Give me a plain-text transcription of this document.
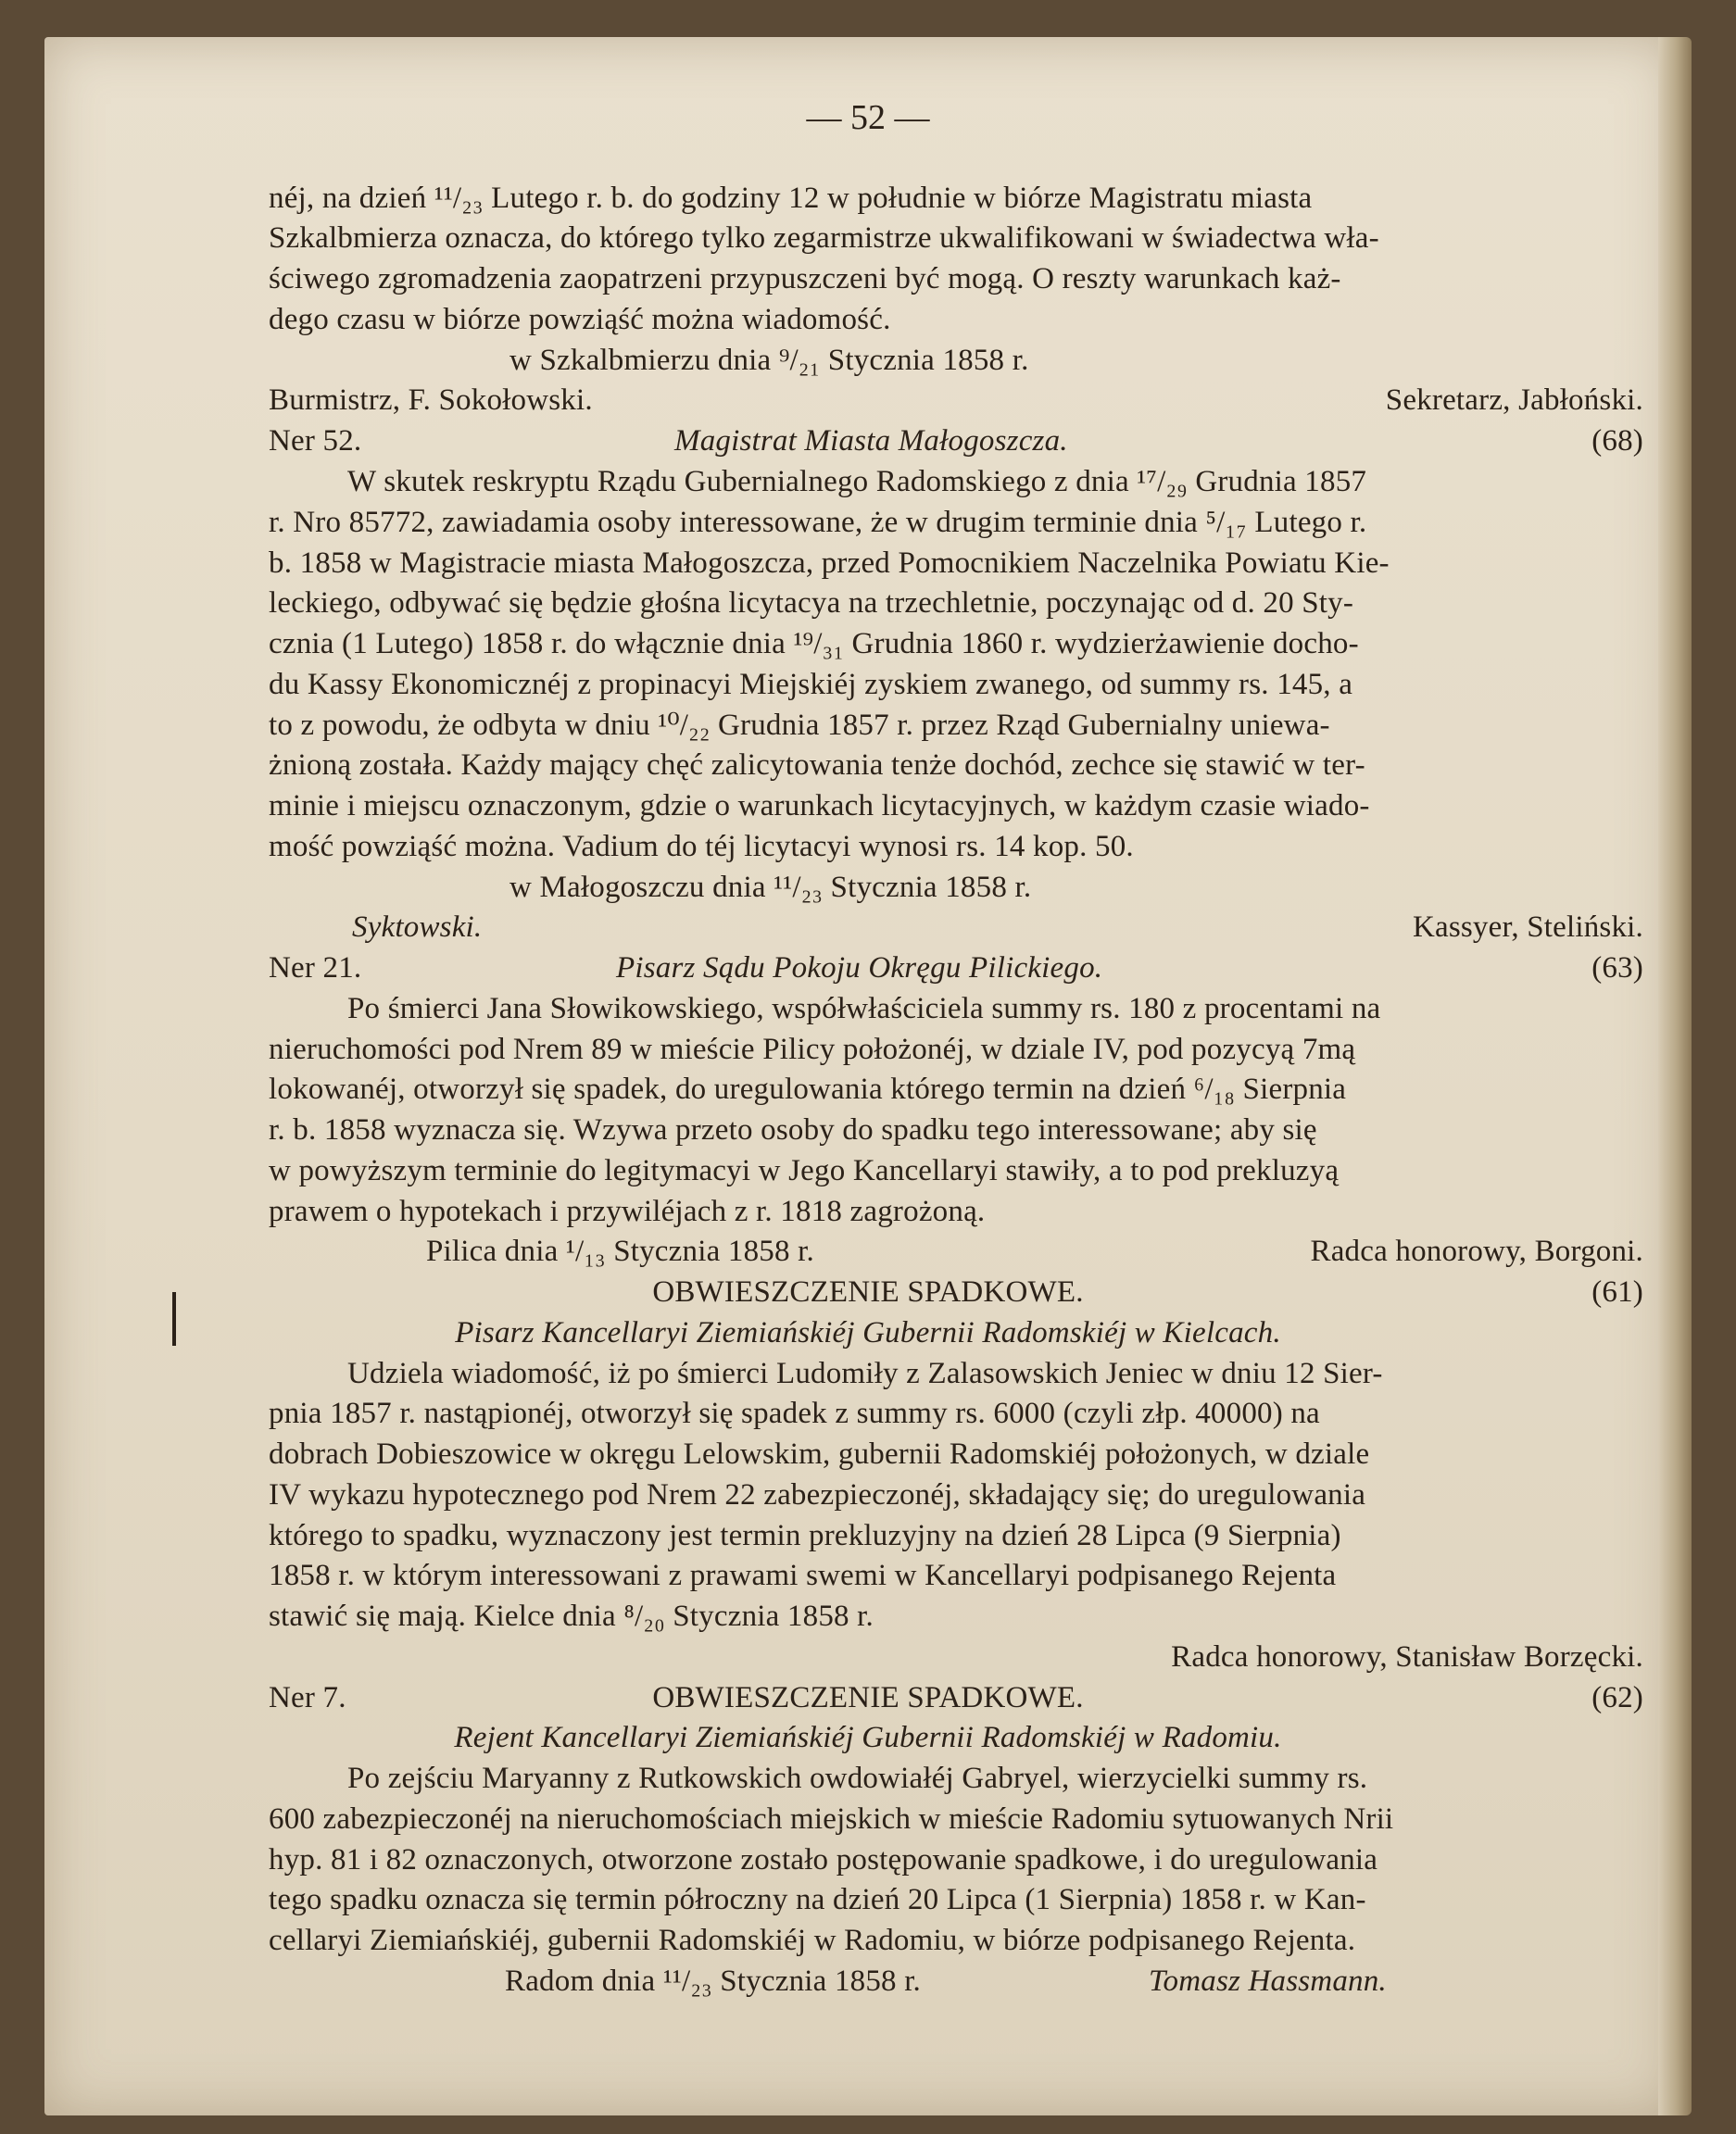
— 52 —
néj, na dzień ¹¹/₂₃ Lutego r. b. do godziny 12 w południe w biórze Magistratu miasta
Szkalbmierza oznacza, do którego tylko zegarmistrze ukwalifikowani w świadectwa wła-
ściwego zgromadzenia zaopatrzeni przypuszczeni być mogą. O reszty warunkach każ-
dego czasu w biórze powziąść można wiadomość.
w Szkalbmierzu dnia ⁹/₂₁ Stycznia 1858 r.
Burmistrz, F. Sokołowski.	Sekretarz, Jabłoński.
Ner 52.	Magistrat Miasta Małogoszcza.	(68)
W skutek reskryptu Rządu Gubernialnego Radomskiego z dnia ¹⁷/₂₉ Grudnia 1857
r. Nro 85772, zawiadamia osoby interessowane, że w drugim terminie dnia ⁵/₁₇ Lutego r.
b. 1858 w Magistracie miasta Małogoszcza, przed Pomocnikiem Naczelnika Powiatu Kie-
leckiego, odbywać się będzie głośna licytacya na trzechletnie, poczynając od d. 20 Sty-
cznia (1 Lutego) 1858 r. do włącznie dnia ¹⁹/₃₁ Grudnia 1860 r. wydzierżawienie docho-
du Kassy Ekonomicznéj z propinacyi Miejskiéj zyskiem zwanego, od summy rs. 145, a
to z powodu, że odbyta w dniu ¹⁰/₂₂ Grudnia 1857 r. przez Rząd Gubernialny uniewa-
żnioną została. Każdy mający chęć zalicytowania tenże dochód, zechce się stawić w ter-
minie i miejscu oznaczonym, gdzie o warunkach licytacyjnych, w każdym czasie wiado-
mość powziąść można. Vadium do téj licytacyi wynosi rs. 14 kop. 50.
w Małogoszczu dnia ¹¹/₂₃ Stycznia 1858 r.
Syktowski.	Kassyer, Steliński.
Ner 21.	Pisarz Sądu Pokoju Okręgu Pilickiego.	(63)
Po śmierci Jana Słowikowskiego, współwłaściciela summy rs. 180 z procentami na
nieruchomości pod Nrem 89 w mieście Pilicy położonéj, w dziale IV, pod pozycyą 7mą
lokowanéj, otworzył się spadek, do uregulowania którego termin na dzień ⁶/₁₈ Sierpnia
r. b. 1858 wyznacza się. Wzywa przeto osoby do spadku tego interessowane; aby się
w powyższym terminie do legitymacyi w Jego Kancellaryi stawiły, a to pod prekluzyą
prawem o hypotekach i przywiléjach z r. 1818 zagrożoną.
Pilica dnia ¹/₁₃ Stycznia 1858 r.	Radca honorowy, Borgoni.
OBWIESZCZENIE SPADKOWE.	(61)
Pisarz Kancellaryi Ziemiańskiéj Gubernii Radomskiéj w Kielcach.
Udziela wiadomość, iż po śmierci Ludomiły z Zalasowskich Jeniec w dniu 12 Sier-
pnia 1857 r. nastąpionéj, otworzył się spadek z summy rs. 6000 (czyli złp. 40000) na
dobrach Dobieszowice w okręgu Lelowskim, gubernii Radomskiéj położonych, w dziale
IV wykazu hypotecznego pod Nrem 22 zabezpieczonéj, składający się; do uregulowania
którego to spadku, wyznaczony jest termin prekluzyjny na dzień 28 Lipca (9 Sierpnia)
1858 r. w którym interessowani z prawami swemi w Kancellaryi podpisanego Rejenta
stawić się mają. Kielce dnia ⁸/₂₀ Stycznia 1858 r.
Radca honorowy, Stanisław Borzęcki.
Ner 7.	OBWIESZCZENIE SPADKOWE.	(62)
Rejent Kancellaryi Ziemiańskiéj Gubernii Radomskiéj w Radomiu.
Po zejściu Maryanny z Rutkowskich owdowiałéj Gabryel, wierzycielki summy rs.
600 zabezpieczonéj na nieruchomościach miejskich w mieście Radomiu sytuowanych Nrii
hyp. 81 i 82 oznaczonych, otworzone zostało postępowanie spadkowe, i do uregulowania
tego spadku oznacza się termin półroczny na dzień 20 Lipca (1 Sierpnia) 1858 r. w Kan-
cellaryi Ziemiańskiéj, gubernii Radomskiéj w Radomiu, w biórze podpisanego Rejenta.
Radom dnia ¹¹/₂₃ Stycznia 1858 r.	Tomasz Hassmann.
